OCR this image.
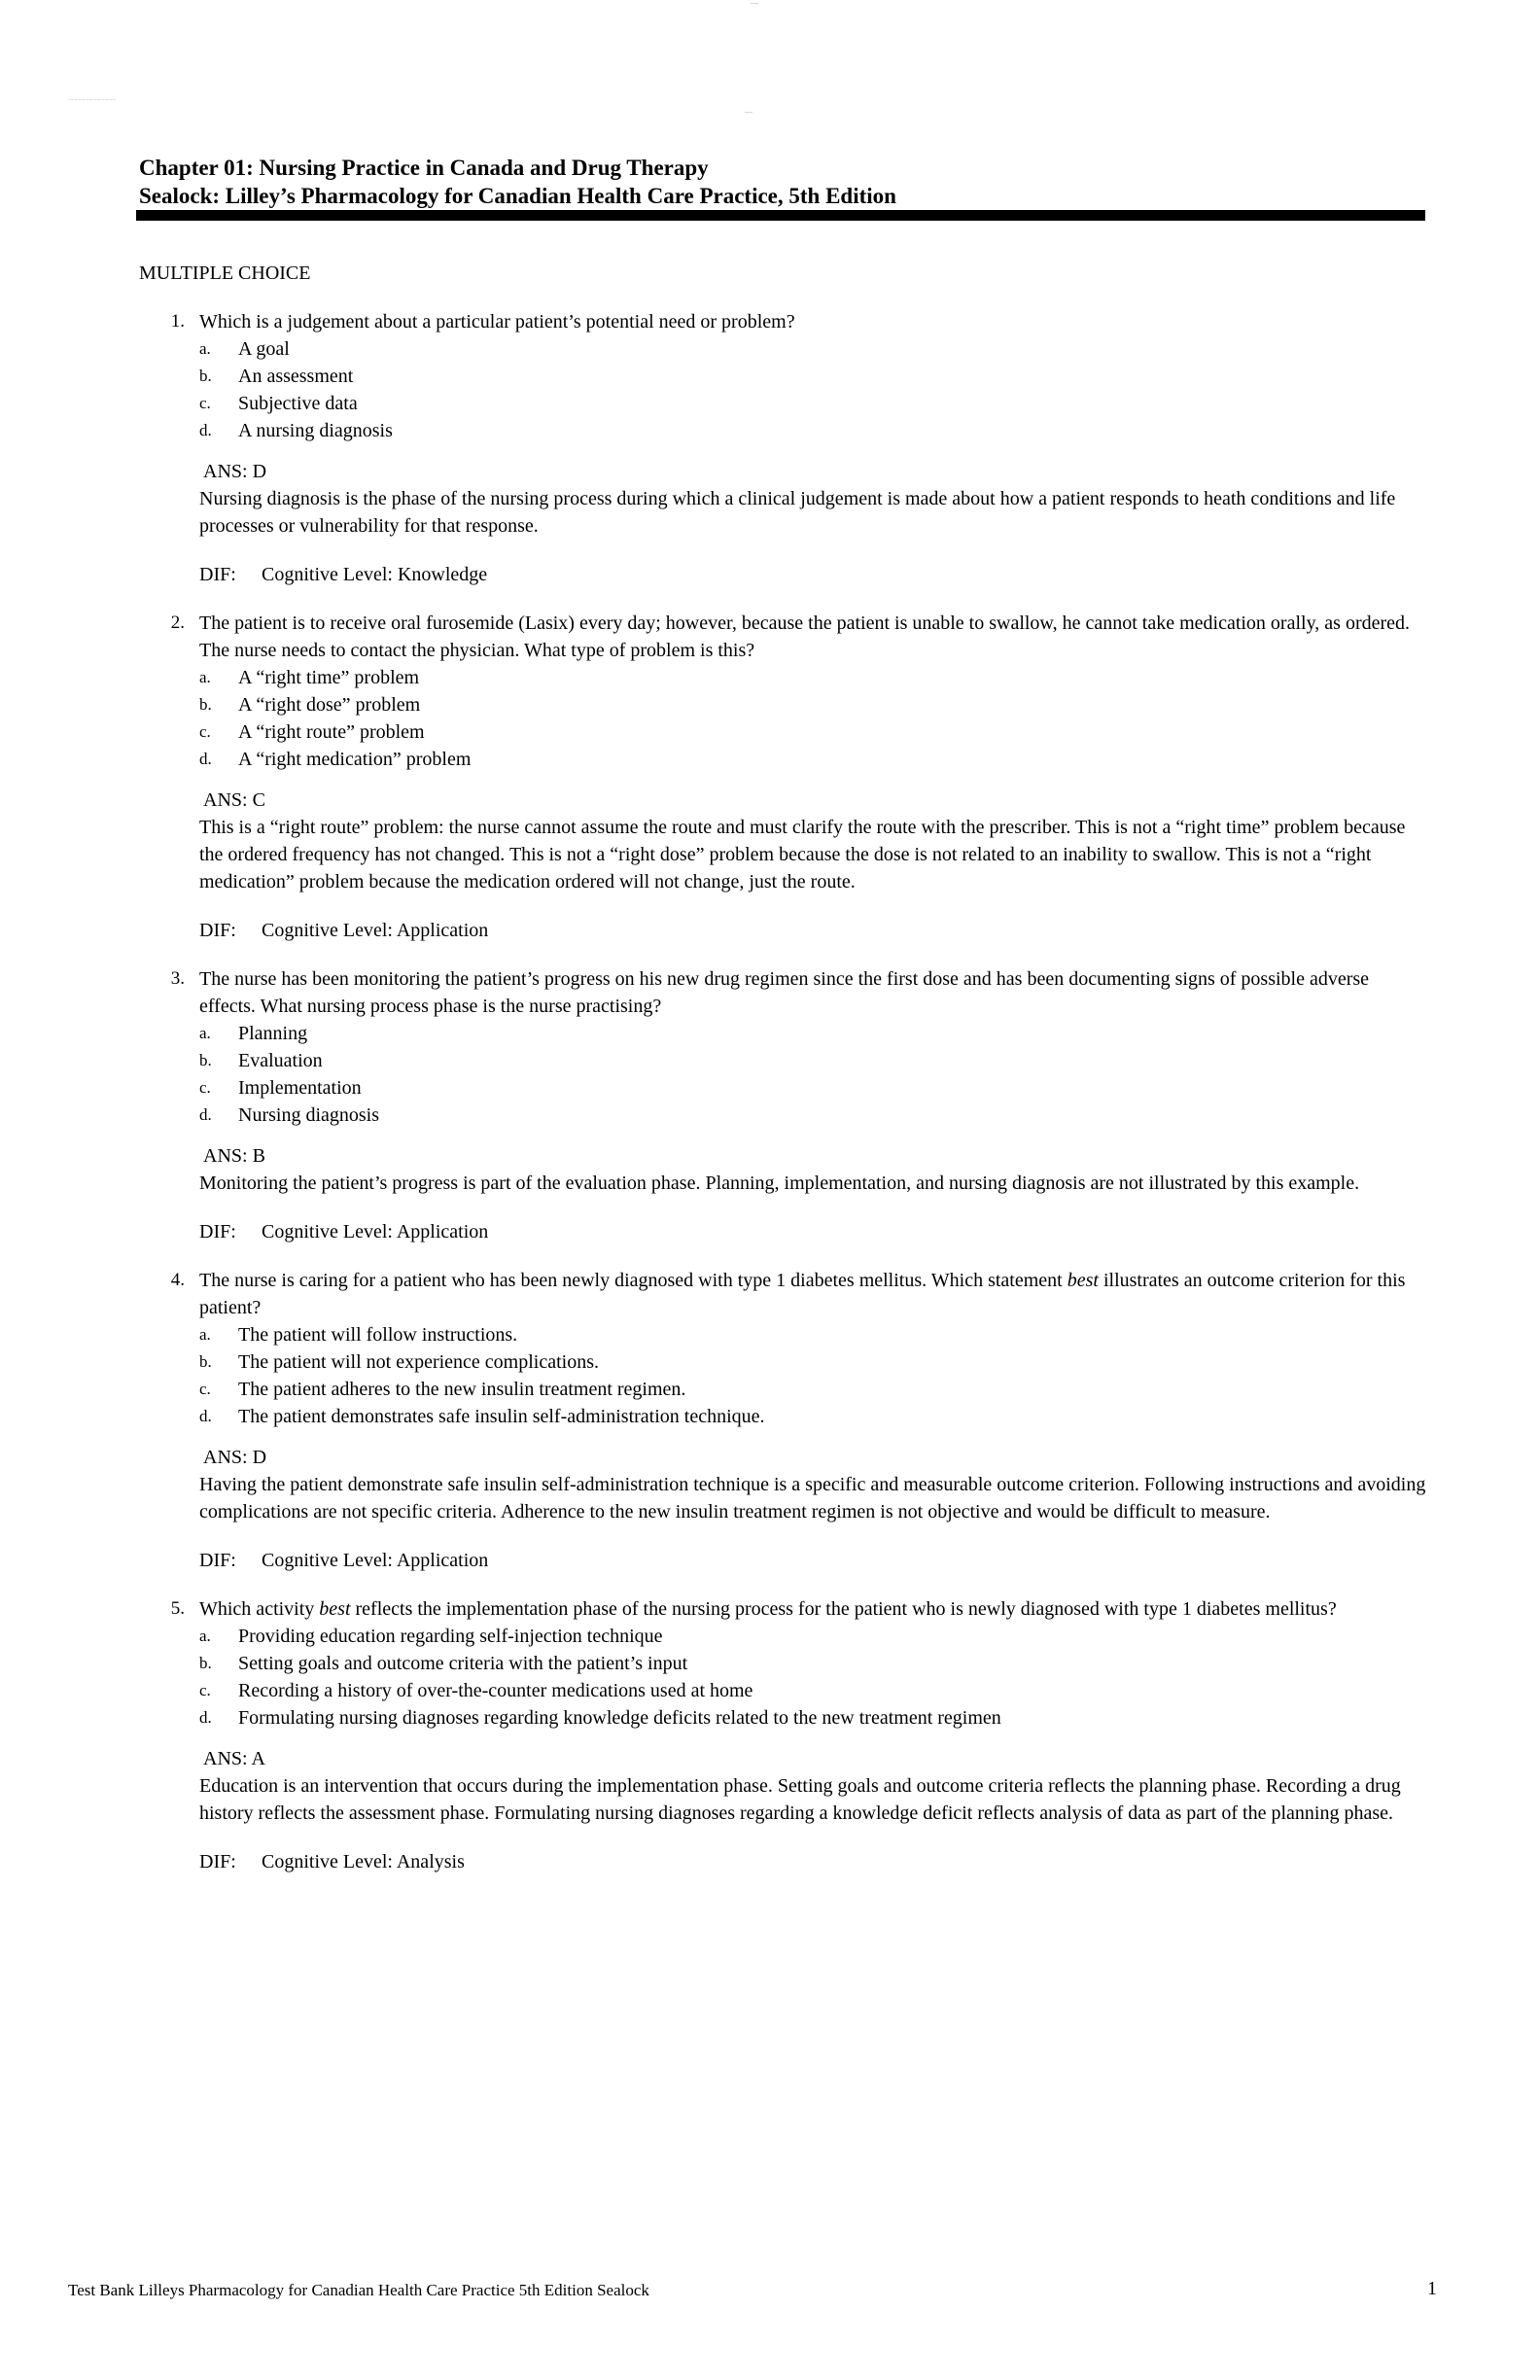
——
·····································
——
Chapter 01: Nursing Practice in Canada and Drug Therapy
Sealock: Lilley’s Pharmacology for Canadian Health Care Practice, 5th Edition
MULTIPLE CHOICE
1. Which is a judgement about a particular patient’s potential need or problem?
a.	A goal
b.	An assessment
c.	Subjective data
d.	A nursing diagnosis
ANS: D
Nursing diagnosis is the phase of the nursing process during which a clinical judgement is made about how a patient responds to heath conditions and life processes or vulnerability for that response.
DIF:	Cognitive Level: Knowledge
2. The patient is to receive oral furosemide (Lasix) every day; however, because the patient is unable to swallow, he cannot take medication orally, as ordered. The nurse needs to contact the physician. What type of problem is this?
a.	A “right time” problem
b.	A “right dose” problem
c.	A “right route” problem
d.	A “right medication” problem
ANS: C
This is a “right route” problem: the nurse cannot assume the route and must clarify the route with the prescriber. This is not a “right time” problem because the ordered frequency has not changed. This is not a “right dose” problem because the dose is not related to an inability to swallow. This is not a “right medication” problem because the medication ordered will not change, just the route.
DIF:	Cognitive Level: Application
3. The nurse has been monitoring the patient’s progress on his new drug regimen since the first dose and has been documenting signs of possible adverse effects. What nursing process phase is the nurse practising?
a.	Planning
b.	Evaluation
c.	Implementation
d.	Nursing diagnosis
ANS: B
Monitoring the patient’s progress is part of the evaluation phase. Planning, implementation, and nursing diagnosis are not illustrated by this example.
DIF:	Cognitive Level: Application
4. The nurse is caring for a patient who has been newly diagnosed with type 1 diabetes mellitus. Which statement best illustrates an outcome criterion for this patient?
a.	The patient will follow instructions.
b.	The patient will not experience complications.
c.	The patient adheres to the new insulin treatment regimen.
d.	The patient demonstrates safe insulin self-administration technique.
ANS: D
Having the patient demonstrate safe insulin self-administration technique is a specific and measurable outcome criterion. Following instructions and avoiding complications are not specific criteria. Adherence to the new insulin treatment regimen is not objective and would be difficult to measure.
DIF:	Cognitive Level: Application
5. Which activity best reflects the implementation phase of the nursing process for the patient who is newly diagnosed with type 1 diabetes mellitus?
a.	Providing education regarding self-injection technique
b.	Setting goals and outcome criteria with the patient’s input
c.	Recording a history of over-the-counter medications used at home
d.	Formulating nursing diagnoses regarding knowledge deficits related to the new treatment regimen
ANS: A
Education is an intervention that occurs during the implementation phase. Setting goals and outcome criteria reflects the planning phase. Recording a drug history reflects the assessment phase. Formulating nursing diagnoses regarding a knowledge deficit reflects analysis of data as part of the planning phase.
DIF:	Cognitive Level: Analysis
Test Bank Lilleys Pharmacology for Canadian Health Care Practice 5th Edition Sealock	1
